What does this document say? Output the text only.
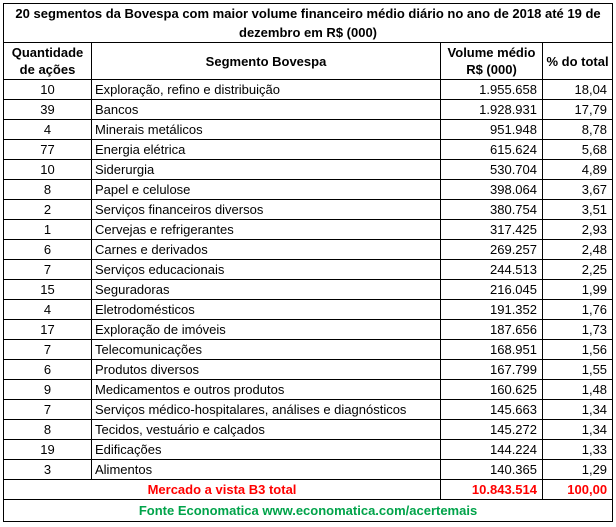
20 segmentos da Bovespa com maior volume financeiro médio diário no ano de 2018 até 19 de dezembro em R$ (000)			
Quantidade de ações	Segmento Bovespa	Volume médio R$ (000)	% do total
10	Exploração, refino e distribuição	1.955.658	18,04
39	Bancos	1.928.931	17,79
4	Minerais metálicos	951.948	8,78
77	Energia elétrica	615.624	5,68
10	Siderurgia	530.704	4,89
8	Papel e celulose	398.064	3,67
2	Serviços financeiros diversos	380.754	3,51
1	Cervejas e refrigerantes	317.425	2,93
6	Carnes e derivados	269.257	2,48
7	Serviços educacionais	244.513	2,25
15	Seguradoras	216.045	1,99
4	Eletrodomésticos	191.352	1,76
17	Exploração de imóveis	187.656	1,73
7	Telecomunicações	168.951	1,56
6	Produtos diversos	167.799	1,55
9	Medicamentos e outros produtos	160.625	1,48
7	Serviços médico-hospitalares, análises e diagnósticos	145.663	1,34
8	Tecidos, vestuário e calçados	145.272	1,34
19	Edificações	144.224	1,33
3	Alimentos	140.365	1,29
Mercado a vista B3 total		10.843.514	100,00
Fonte Economatica www.economatica.com/acertemais			
